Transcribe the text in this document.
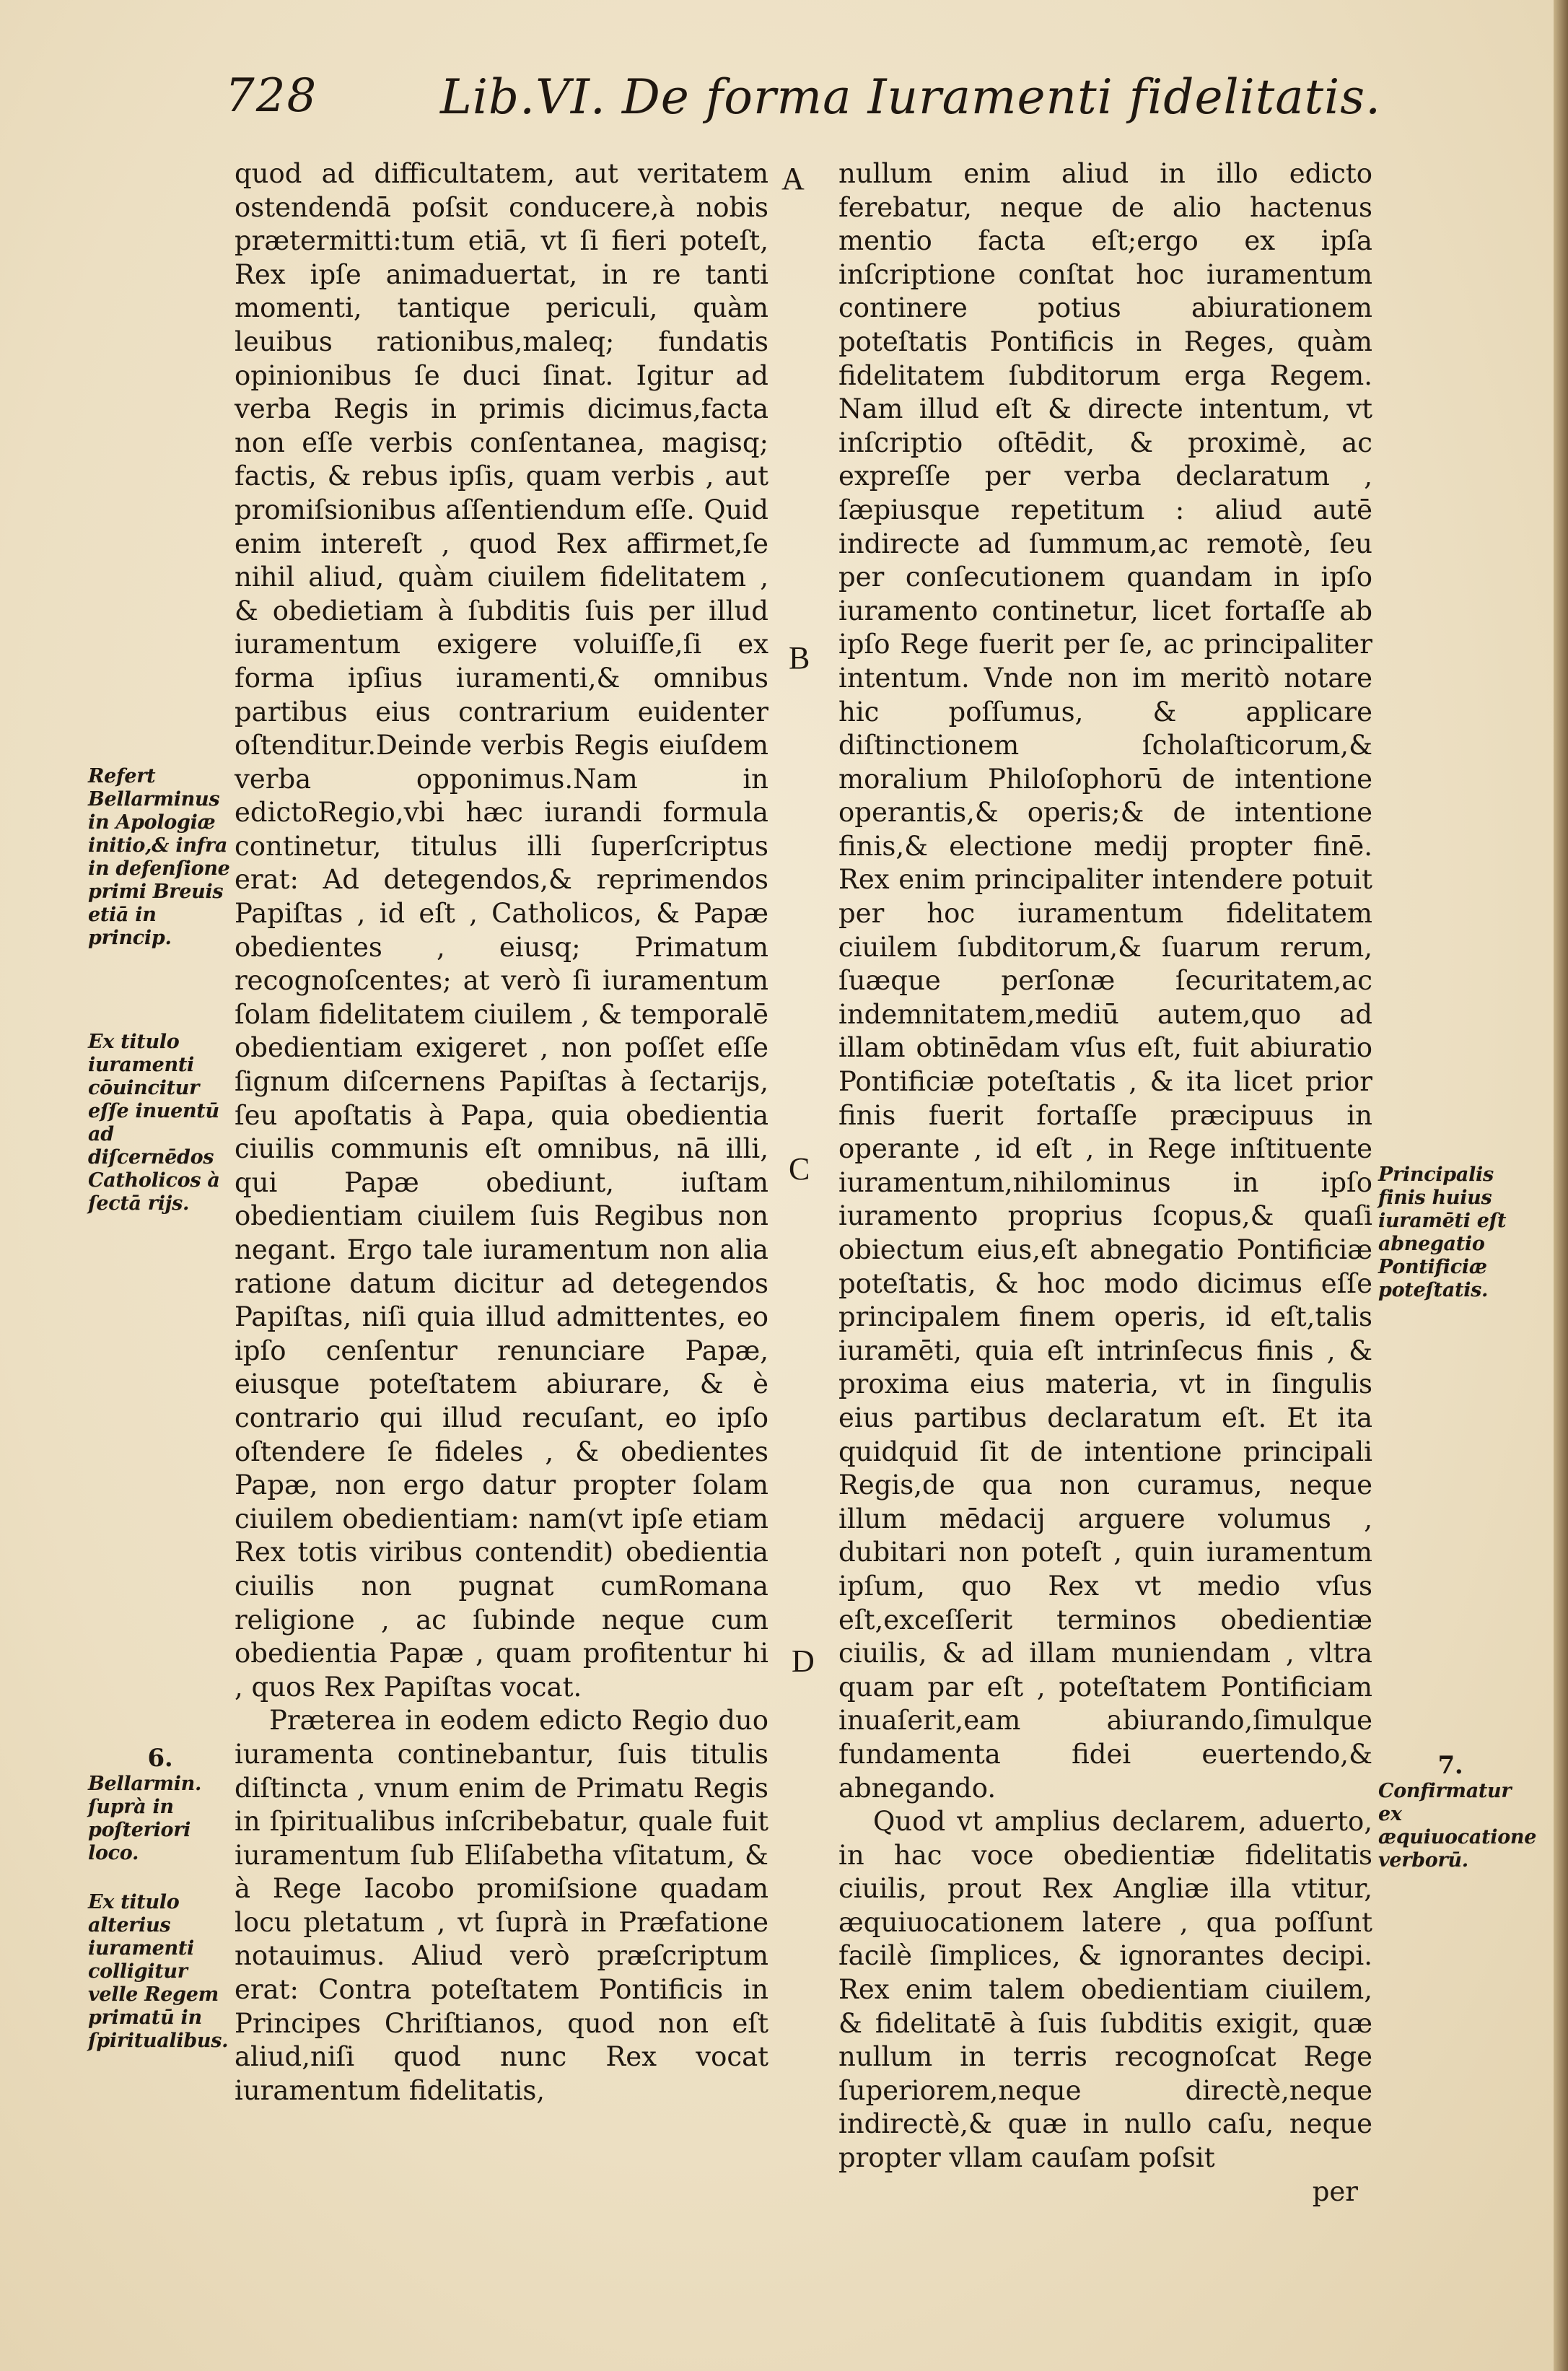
728	Lib.VI. De forma Iuramenti fidelitatis.

quod ad difficultatem, aut veritatem ostendendā poſsit conducere,à nobis prætermitti:tum etiā, vt ſi fieri poteſt, Rex ipſe animaduertat, in re tanti momenti, tantique periculi, quàm leuibus rationibus,maleq; fundatis opinionibus ſe duci ſinat. Igitur ad verba Regis in primis dicimus,facta non eſſe verbis conſentanea, magisq; factis, & rebus ipſis, quam verbis , aut promiſsionibus aſſentiendum eſſe. Quid enim intereſt , quod Rex affirmet,ſe nihil aliud, quàm ciuilem fidelitatem , & obedietiam à ſubditis ſuis per illud iuramentum exigere voluiſſe,ſi ex forma ipſius iuramenti,& omnibus partibus eius contrarium euidenter oſtenditur.Deinde verbis Regis eiuſdem verba opponimus.Nam in edictoRegio,vbi hæc iurandi formula continetur, titulus illi ſuperſcriptus erat: Ad detegendos,& reprimendos Papiſtas , id eſt , Catholicos, & Papæ obedientes , eiusq; Primatum recognoſcentes; at verò ſi iuramentum ſolam fidelitatem ciuilem , & temporalē obedientiam exigeret , non poſſet eſſe ſignum diſcernens Papiſtas à ſectarijs, ſeu apoſtatis à Papa, quia obedientia ciuilis communis eſt omnibus, nā illi, qui Papæ obediunt, iuſtam obedientiam ciuilem ſuis Regibus non negant. Ergo tale iuramentum non alia ratione datum dicitur ad detegendos Papiſtas, niſi quia illud admittentes, eo ipſo cenſentur renunciare Papæ, eiusque poteſtatem abiurare, & è contrario qui illud recuſant, eo ipſo oſtendere ſe fideles , & obedientes Papæ, non ergo datur propter ſolam ciuilem obedientiam: nam(vt ipſe etiam Rex totis viribus contendit) obedientia ciuilis non pugnat cumRomana religione , ac ſubinde neque cum obedientia Papæ , quam profitentur hi , quos Rex Papiſtas vocat.

Præterea in eodem edicto Regio duo iuramenta continebantur, ſuis titulis diſtincta , vnum enim de Primatu Regis in ſpiritualibus inſcribebatur, quale fuit iuramentum ſub Eliſabetha vſitatum, & à Rege Iacobo promiſsione quadam locu pletatum , vt ſuprà in Præfatione notauimus. Aliud verò præſcriptum erat: Contra poteſtatem Pontificis in Principes Chriſtianos, quod non eſt aliud,niſi quod nunc Rex vocat iuramentum fidelitatis,

nullum enim aliud in illo edicto ferebatur, neque de alio hactenus mentio facta eſt;ergo ex ipſa inſcriptione conſtat hoc iuramentum continere potius abiurationem poteſtatis Pontificis in Reges, quàm fidelitatem ſubditorum erga Regem. Nam illud eſt & directe intentum, vt inſcriptio oſtēdit, & proximè, ac expreſſe per verba declaratum , ſæpiusque repetitum : aliud autē indirecte ad ſummum,ac remotè, ſeu per conſecutionem quandam in ipſo iuramento continetur, licet fortaſſe ab ipſo Rege fuerit per ſe, ac principaliter intentum. Vnde non im meritò notare hic poſſumus, & applicare diſtinctionem ſcholaſticorum,& moralium Philoſophorū de intentione operantis,& operis;& de intentione finis,& electione medij propter finē. Rex enim principaliter intendere potuit per hoc iuramentum fidelitatem ciuilem ſubditorum,& ſuarum rerum, ſuæque perſonæ ſecuritatem,ac indemnitatem,mediū autem,quo ad illam obtinēdam vſus eſt, fuit abiuratio Pontificiæ poteſtatis , & ita licet prior finis fuerit fortaſſe præcipuus in operante , id eſt , in Rege inſtituente iuramentum,nihilominus in ipſo iuramento proprius ſcopus,& quaſi obiectum eius,eſt abnegatio Pontificiæ poteſtatis, & hoc modo dicimus eſſe principalem finem operis, id eſt,talis iuramēti, quia eſt intrinſecus finis , & proxima eius materia, vt in ſingulis eius partibus declaratum eſt. Et ita quidquid ſit de intentione principali Regis,de qua non curamus, neque illum mēdacij arguere volumus , dubitari non poteſt , quin iuramentum ipſum, quo Rex vt medio vſus eſt,exceſſerit terminos obedientiæ ciuilis, & ad illam muniendam , vltra quam par eſt , poteſtatem Pontificiam inuaſerit,eam abiurando,ſimulque fundamenta fidei euertendo,& abnegando.

Quod vt amplius declarem, aduerto, in hac voce obedientiæ fidelitatis ciuilis, prout Rex Angliæ illa vtitur, æquiuocationem latere , qua poſſunt facilè ſimplices, & ignorantes decipi. Rex enim talem obedientiam ciuilem, & fidelitatē à ſuis ſubditis exigit, quæ nullum in terris recognoſcat Rege ſuperiorem,neque directè,neque indirectè,& quæ in nullo caſu, neque propter vllam cauſam poſsit

per

A
B
C
D
Refert Bellarminus in Apologiæ initio,& infra in defenſione primi Breuis etiā in princip.
Ex titulo iuramenti cōuincitur eſſe inuentū ad diſcernēdos Catholicos à ſectā rijs.
6.
Bellarmin. ſuprà in poſteriori loco.
Ex titulo alterius iuramenti colligitur velle Regem primatū in ſpiritualibus.
Principalis finis huius iuramēti eſt abnegatio Pontificiæ poteſtatis.
7.
Confirmatur ex æquiuocatione verborū.
